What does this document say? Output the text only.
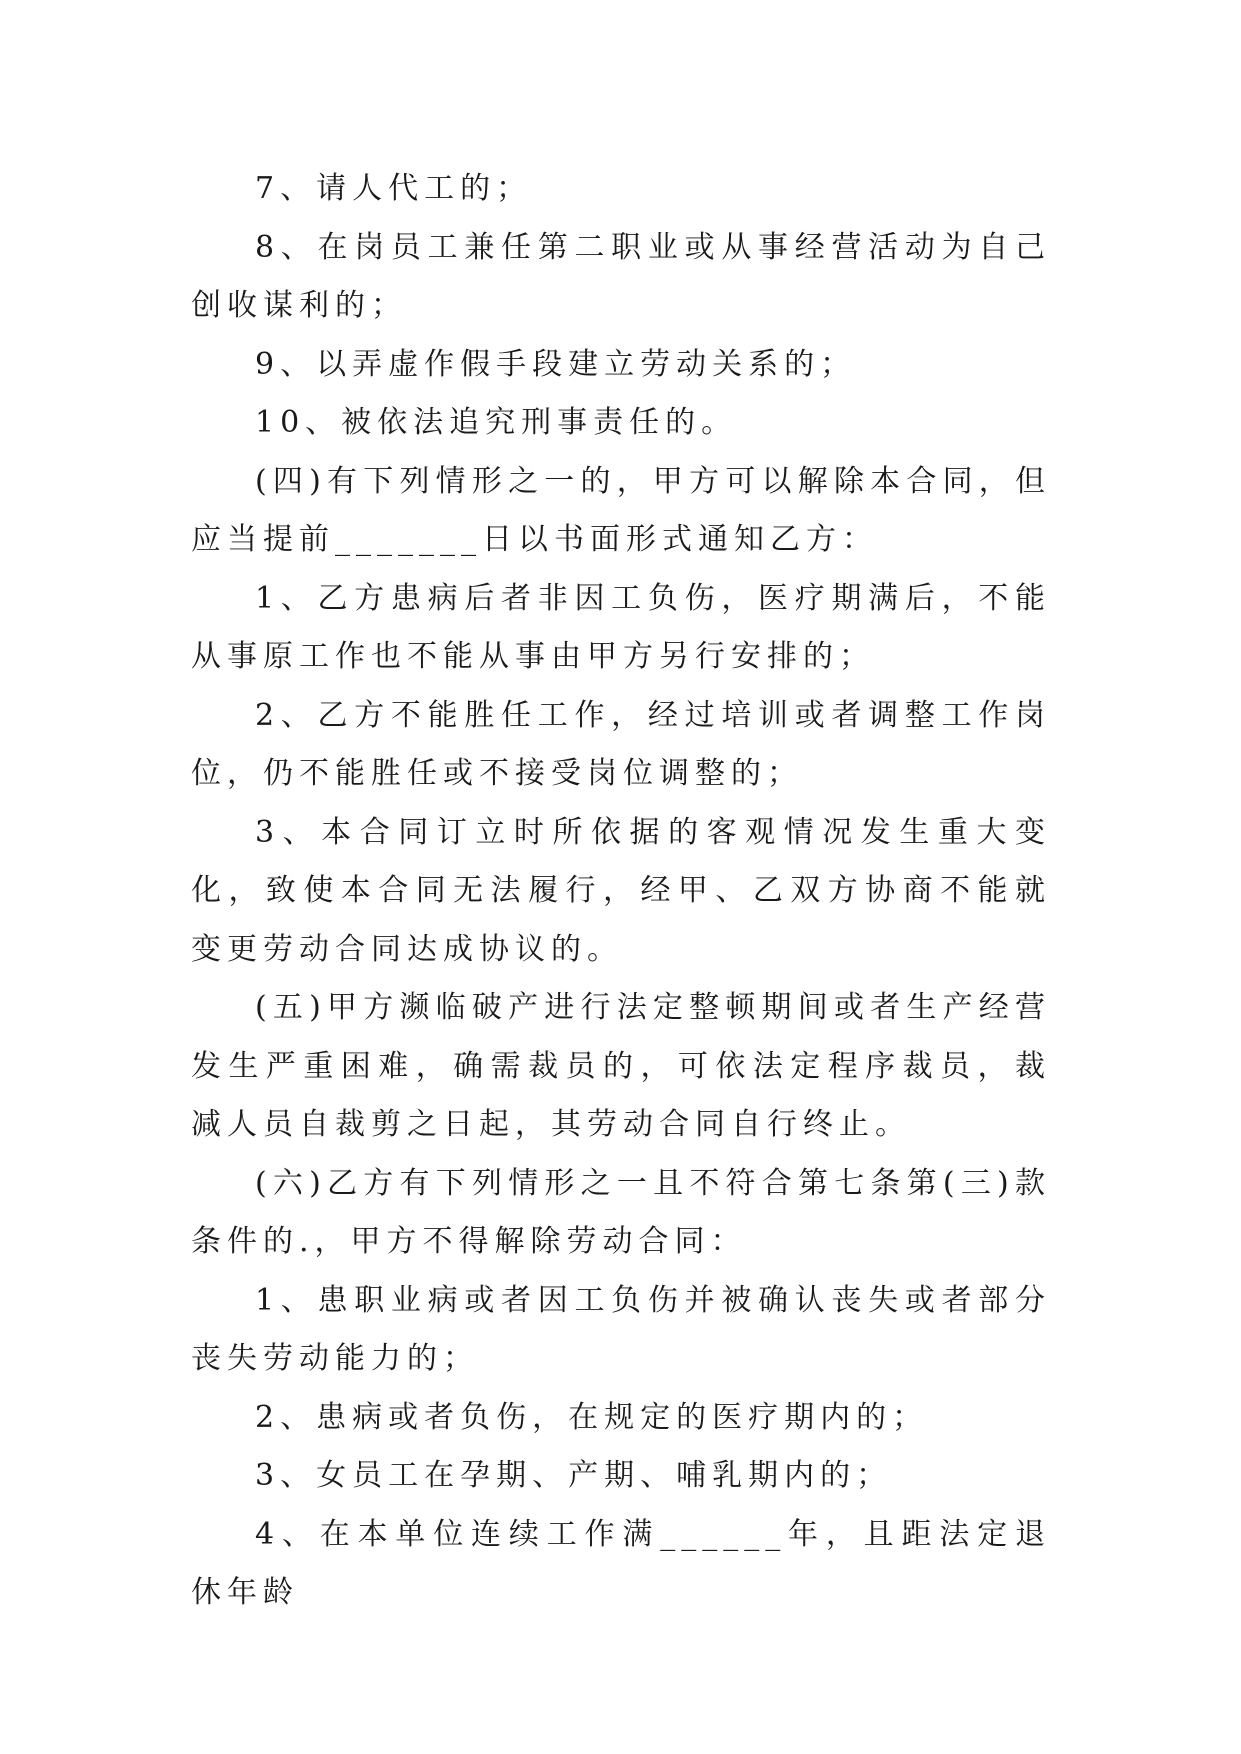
7、请人代工的；

8、在岗员工兼任第二职业或从事经营活动为自己创收谋利的；

9、以弄虚作假手段建立劳动关系的；

10、被依法追究刑事责任的。

(四)有下列情形之一的，甲方可以解除本合同，但应当提前_______日以书面形式通知乙方：

1、乙方患病后者非因工负伤，医疗期满后，不能从事原工作也不能从事由甲方另行安排的；

2、乙方不能胜任工作，经过培训或者调整工作岗位，仍不能胜任或不接受岗位调整的；

3、本合同订立时所依据的客观情况发生重大变化，致使本合同无法履行，经甲、乙双方协商不能就变更劳动合同达成协议的。

(五)甲方濒临破产进行法定整顿期间或者生产经营发生严重困难，确需裁员的，可依法定程序裁员，裁减人员自裁剪之日起，其劳动合同自行终止。

(六)乙方有下列情形之一且不符合第七条第(三)款条件的.，甲方不得解除劳动合同：

1、患职业病或者因工负伤并被确认丧失或者部分丧失劳动能力的；

2、患病或者负伤，在规定的医疗期内的；

3、女员工在孕期、产期、哺乳期内的；

4、在本单位连续工作满______年，且距法定退休年龄
